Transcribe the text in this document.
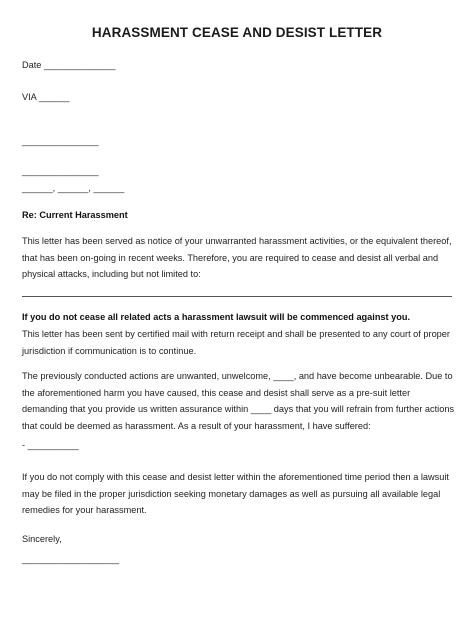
HARASSMENT CEASE AND DESIST LETTER
Date ______________
VIA ______
_______________
_______________
______, ______, ______
Re: Current Harassment
This letter has been served as notice of your unwarranted harassment activities, or the equivalent thereof, that has been on-going in recent weeks. Therefore, you are required to cease and desist all verbal and physical attacks, including but not limited to:
If you do not cease all related acts a harassment lawsuit will be commenced against you.
This letter has been sent by certified mail with return receipt and shall be presented to any court of proper jurisdiction if communication is to continue.
The previously conducted actions are unwanted, unwelcome, ____, and have become unbearable. Due to the aforementioned harm you have caused, this cease and desist shall serve as a pre-suit letter demanding that you provide us written assurance within ____ days that you will refrain from further actions that could be deemed as harassment. As a result of your harassment, I have suffered:
- __________
If you do not comply with this cease and desist letter within the aforementioned time period then a lawsuit may be filed in the proper jurisdiction seeking monetary damages as well as pursuing all available legal remedies for your harassment.
Sincerely,
___________________
